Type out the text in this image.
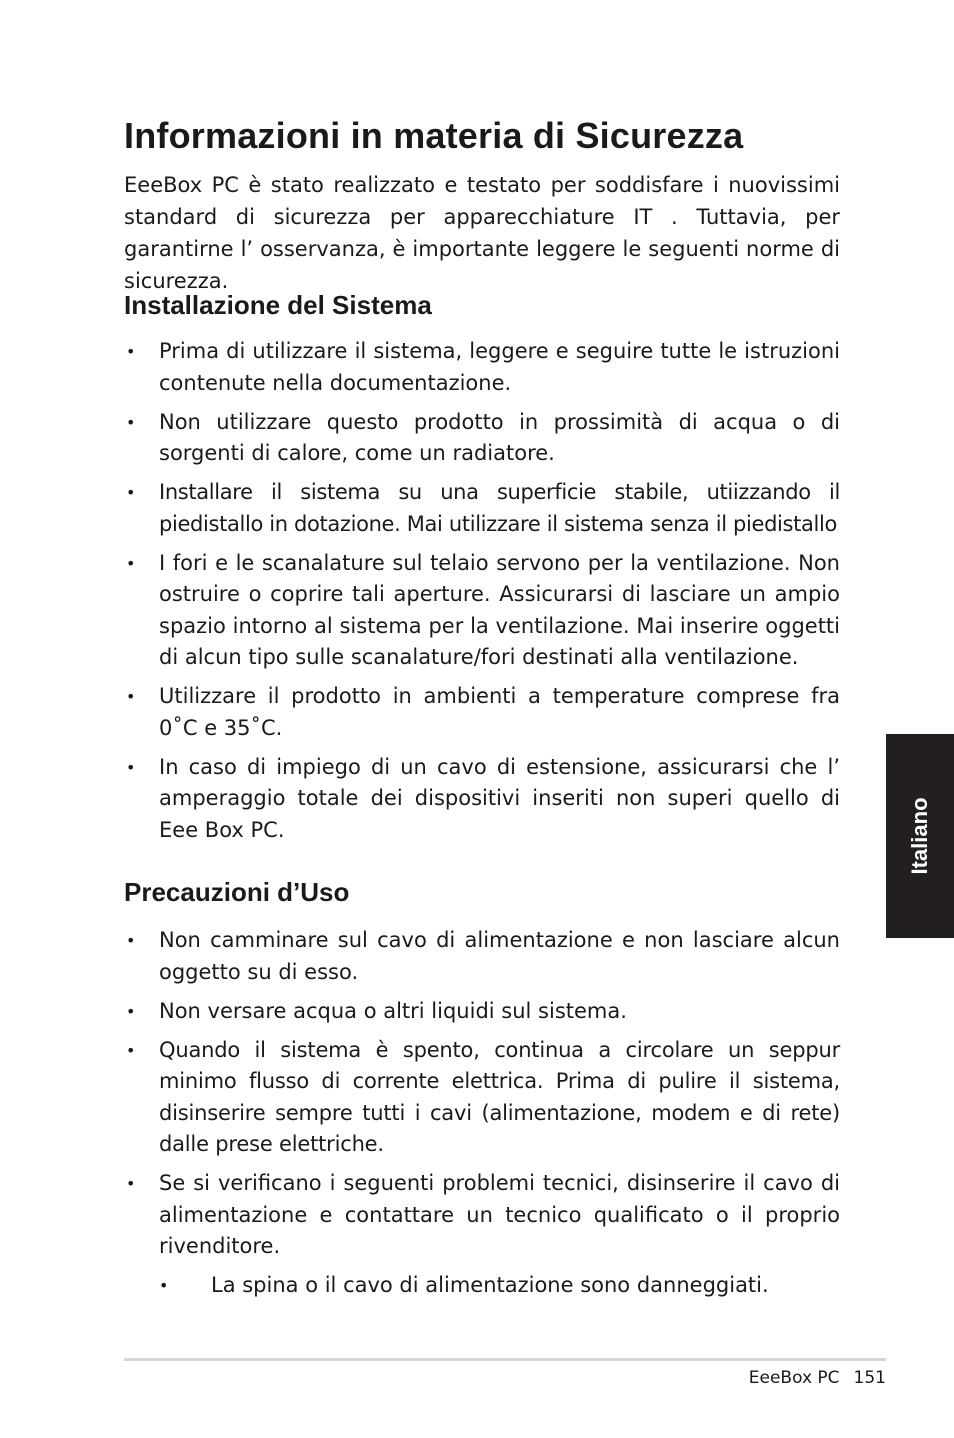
Informazioni in materia di Sicurezza

EeeBox PC è stato realizzato e testato per soddisfare i nuovissimi standard di sicurezza per apparecchiature IT . Tuttavia, per garantirne l’ osservanza, è importante leggere le seguenti norme di sicurezza.

Installazione del Sistema
• Prima di utilizzare il sistema, leggere e seguire tutte le istruzioni contenute nella documentazione.
• Non utilizzare questo prodotto in prossimità di acqua o di sorgenti di calore, come un radiatore.
• Installare il sistema su una superficie stabile, utiizzando il piedistallo in dotazione. Mai utilizzare il sistema senza il piedistallo
• I fori e le scanalature sul telaio servono per la ventilazione. Non ostruire o coprire tali aperture. Assicurarsi di lasciare un ampio spazio intorno al sistema per la ventilazione. Mai inserire oggetti di alcun tipo sulle scanalature/fori destinati alla ventilazione.
• Utilizzare il prodotto in ambienti a temperature comprese fra 0˚C e 35˚C.
• In caso di impiego di un cavo di estensione, assicurarsi che l’ amperaggio totale dei dispositivi inseriti non superi quello di Eee Box PC.
Precauzioni d’Uso
• Non camminare sul cavo di alimentazione e non lasciare alcun oggetto su di esso.
• Non versare acqua o altri liquidi sul sistema.
• Quando il sistema è spento, continua a circolare un seppur minimo flusso di corrente elettrica. Prima di pulire il sistema, disinserire sempre tutti i cavi (alimentazione, modem e di rete) dalle prese elettriche.
• Se si verificano i seguenti problemi tecnici, disinserire il cavo di alimentazione e contattare un tecnico qualificato o il proprio rivenditore.
• La spina o il cavo di alimentazione sono danneggiati.
Italiano
EeeBox PC 151
